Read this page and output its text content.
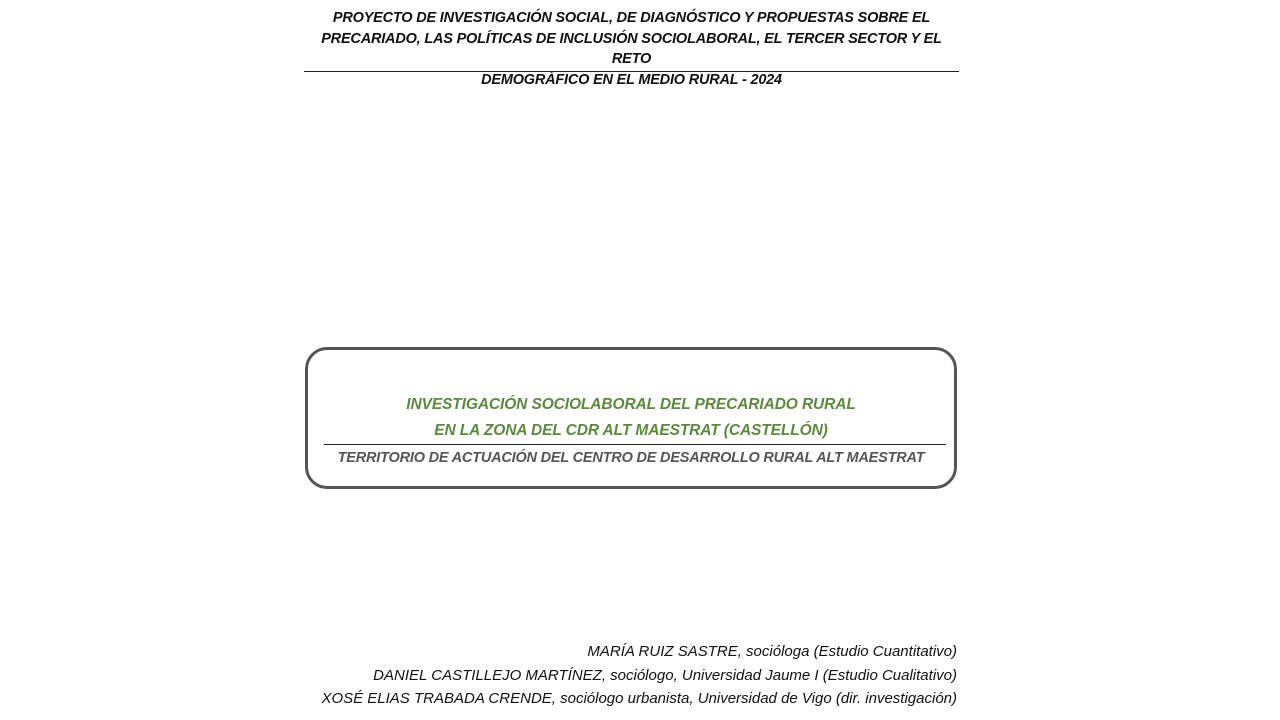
PROYECTO DE INVESTIGACIÓN SOCIAL, DE DIAGNÓSTICO Y PROPUESTAS SOBRE EL
PRECARIADO, LAS POLÍTICAS DE INCLUSIÓN SOCIOLABORAL, EL TERCER SECTOR Y EL RETO
DEMOGRÁFICO EN EL MEDIO RURAL - 2024
INVESTIGACIÓN SOCIOLABORAL DEL PRECARIADO RURAL
EN LA ZONA DEL CDR ALT MAESTRAT (CASTELLÓN)
TERRITORIO DE ACTUACIÓN DEL CENTRO DE DESARROLLO RURAL ALT MAESTRAT
MARÍA RUIZ SASTRE, socióloga (Estudio Cuantitativo)
DANIEL CASTILLEJO MARTÍNEZ, sociólogo, Universidad Jaume I (Estudio Cualitativo)
XOSÉ ELIAS TRABADA CRENDE, sociólogo urbanista, Universidad de Vigo (dir. investigación)
